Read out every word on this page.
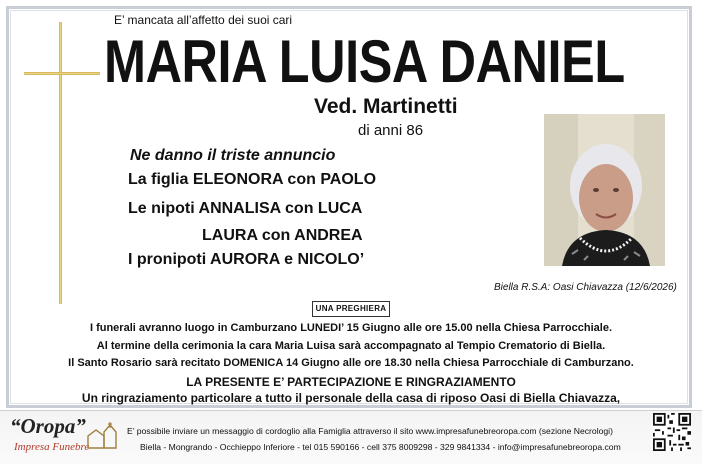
E’ mancata all’affetto dei suoi cari
MARIA LUISA DANIEL
Ved. Martinetti
di anni 86
Ne danno il triste annuncio
La figlia ELEONORA con PAOLO
Le nipoti ANNALISA con LUCA
LAURA con ANDREA
I pronipoti AURORA e NICOLO’
Biella R.S.A: Oasi Chiavazza (12/6/2026)
UNA PREGHIERA
I funerali avranno luogo in Camburzano LUNEDI’ 15 Giugno alle ore 15.00 nella Chiesa Parrocchiale.
Al termine della cerimonia la cara Maria Luisa sarà accompagnato al Tempio Crematorio di Biella.
Il Santo Rosario sarà recitato DOMENICA 14 Giugno alle ore 18.30 nella Chiesa Parrocchiale di Camburzano.
LA PRESENTE E’ PARTECIPAZIONE E RINGRAZIAMENTO
Un ringraziamento particolare a tutto il personale della casa di riposo Oasi di Biella Chiavazza,
“Oropa”
Impresa Funebre
E’ possibile inviare un messaggio di cordoglio alla Famiglia attraverso il sito www.impresafunebreoropa.com (sezione Necrologi)
Biella - Mongrando - Occhieppo Inferiore - tel 015 590166 - cell 375 8009298 - 329 9841334 - info@impresafunebreoropa.com
